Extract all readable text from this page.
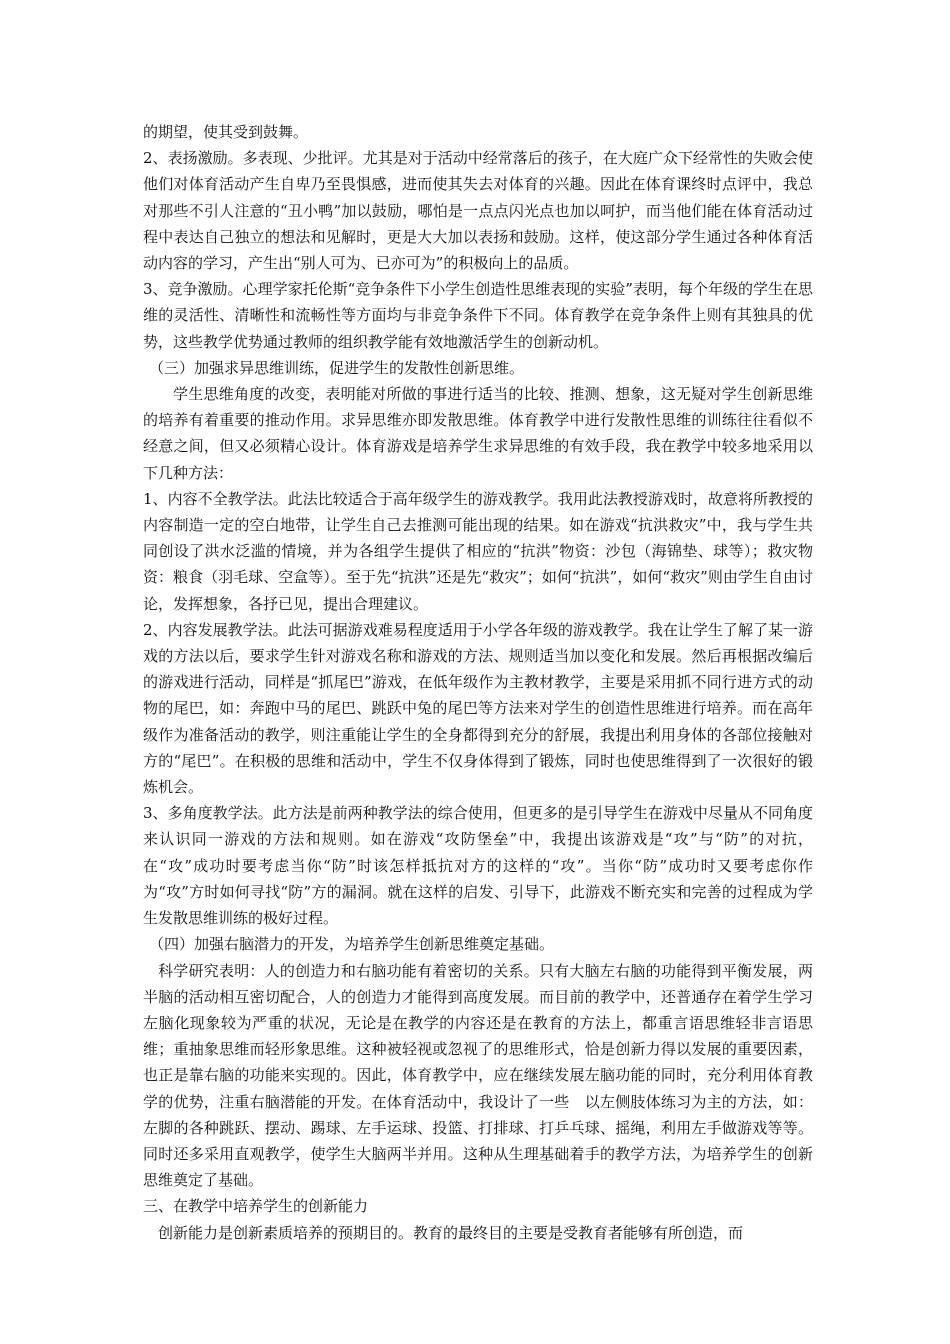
的期望，使其受到鼓舞。

2、表扬激励。多表现、少批评。尤其是对于活动中经常落后的孩子，在大庭广众下经常性的失败会使他们对体育活动产生自卑乃至畏惧感，进而使其失去对体育的兴趣。因此在体育课终时点评中，我总对那些不引人注意的“丑小鸭”加以鼓励，哪怕是一点点闪光点也加以呵护，而当他们能在体育活动过程中表达自己独立的想法和见解时，更是大大加以表扬和鼓励。这样，使这部分学生通过各种体育活动内容的学习，产生出“别人可为、已亦可为”的积极向上的品质。

3、竞争激励。心理学家托伦斯“竞争条件下小学生创造性思维表现的实验”表明，每个年级的学生在思维的灵活性、清晰性和流畅性等方面均与非竞争条件下不同。体育教学在竞争条件上则有其独具的优势，这些教学优势通过教师的组织教学能有效地激活学生的创新动机。

（三）加强求异思维训练，促进学生的发散性创新思维。

学生思维角度的改变，表明能对所做的事进行适当的比较、推测、想象，这无疑对学生创新思维的培养有着重要的推动作用。求异思维亦即发散思维。体育教学中进行发散性思维的训练往往看似不经意之间，但又必须精心设计。体育游戏是培养学生求异思维的有效手段，我在教学中较多地采用以下几种方法：

1、内容不全教学法。此法比较适合于高年级学生的游戏教学。我用此法教授游戏时，故意将所教授的内容制造一定的空白地带，让学生自己去推测可能出现的结果。如在游戏“抗洪救灾”中，我与学生共同创设了洪水泛滥的情境，并为各组学生提供了相应的“抗洪”物资：沙包（海锦垫、球等）；救灾物资：粮食（羽毛球、空盒等）。至于先“抗洪”还是先“救灾”；如何“抗洪”，如何“救灾”则由学生自由讨论，发挥想象，各抒已见，提出合理建议。

2、内容发展教学法。此法可据游戏难易程度适用于小学各年级的游戏教学。我在让学生了解了某一游戏的方法以后，要求学生针对游戏名称和游戏的方法、规则适当加以变化和发展。然后再根据改编后的游戏进行活动，同样是“抓尾巴”游戏，在低年级作为主教材教学，主要是采用抓不同行进方式的动物的尾巴，如：奔跑中马的尾巴、跳跃中兔的尾巴等方法来对学生的创造性思维进行培养。而在高年级作为准备活动的教学，则注重能让学生的全身都得到充分的舒展，我提出利用身体的各部位接触对方的“尾巴”。在积极的思维和活动中，学生不仅身体得到了锻炼，同时也使思维得到了一次很好的锻炼机会。

3、多角度教学法。此方法是前两种教学法的综合使用，但更多的是引导学生在游戏中尽量从不同角度来认识同一游戏的方法和规则。如在游戏“攻防堡垒”中，我提出该游戏是“攻”与“防”的对抗，在“攻”成功时要考虑当你“防”时该怎样抵抗对方的这样的“攻”。当你“防”成功时又要考虑你作为“攻”方时如何寻找“防”方的漏洞。就在这样的启发、引导下，此游戏不断充实和完善的过程成为学生发散思维训练的极好过程。

（四）加强右脑潜力的开发，为培养学生创新思维奠定基础。

科学研究表明：人的创造力和右脑功能有着密切的关系。只有大脑左右脑的功能得到平衡发展，两半脑的活动相互密切配合，人的创造力才能得到高度发展。而目前的教学中，还普通存在着学生学习左脑化现象较为严重的状况，无论是在教学的内容还是在教育的方法上，都重言语思维轻非言语思维；重抽象思维而轻形象思维。这种被轻视或忽视了的思维形式，恰是创新力得以发展的重要因素，也正是靠右脑的功能来实现的。因此，体育教学中，应在继续发展左脑功能的同时，充分利用体育教学的优势，注重右脑潜能的开发。在体育活动中，我设计了一些　以左侧肢体练习为主的方法，如：左脚的各种跳跃、摆动、踢球、左手运球、投篮、打排球、打乒乓球、摇绳，利用左手做游戏等等。同时还多采用直观教学，使学生大脑两半并用。这种从生理基础着手的教学方法，为培养学生的创新思维奠定了基础。

三、在教学中培养学生的创新能力

创新能力是创新素质培养的预期目的。教育的最终目的主要是受教育者能够有所创造，而
